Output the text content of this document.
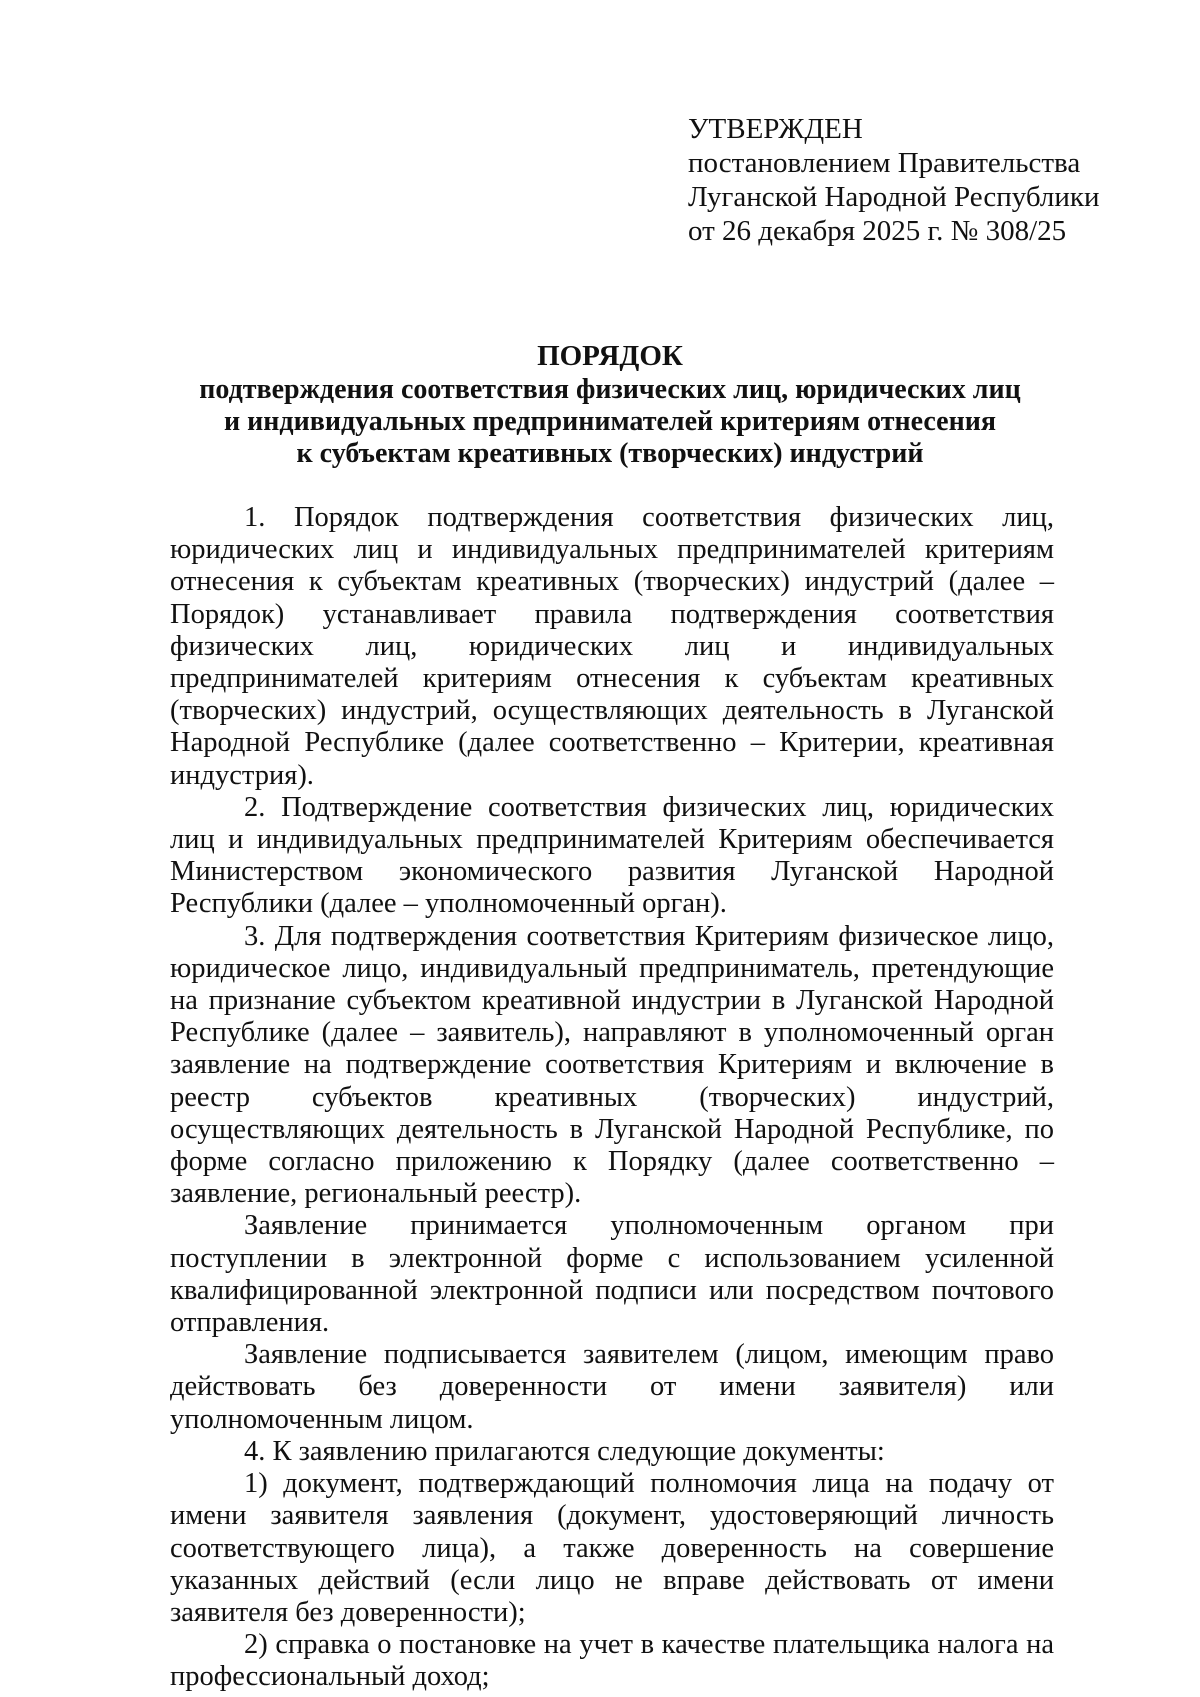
УТВЕРЖДЕН
постановлением Правительства
Луганской Народной Республики
от 26 декабря 2025 г. № 308/25
ПОРЯДОК
подтверждения соответствия физических лиц, юридических лиц
и индивидуальных предпринимателей критериям отнесения
к субъектам креативных (творческих) индустрий

1. Порядок подтверждения соответствия физических лиц, юридических лиц и индивидуальных предпринимателей критериям отнесения к субъектам креативных (творческих) индустрий (далее – Порядок) устанавливает правила подтверждения соответствия физических лиц, юридических лиц и индивидуальных предпринимателей критериям отнесения к субъектам креативных (творческих) индустрий, осуществляющих деятельность в Луганской Народной Республике (далее соответственно – Критерии, креативная индустрия).

2. Подтверждение соответствия физических лиц, юридических лиц и индивидуальных предпринимателей Критериям обеспечивается Министерством экономического развития Луганской Народной Республики (далее – уполномоченный орган).

3. Для подтверждения соответствия Критериям физическое лицо, юридическое лицо, индивидуальный предприниматель, претендующие на признание субъектом креативной индустрии в Луганской Народной Республике (далее – заявитель), направляют в уполномоченный орган заявление на подтверждение соответствия Критериям и включение в реестр субъектов креативных (творческих) индустрий, осуществляющих деятельность в Луганской Народной Республике, по форме согласно приложению к Порядку (далее соответственно – заявление, региональный реестр).

Заявление принимается уполномоченным органом при поступлении в электронной форме с использованием усиленной квалифицированной электронной подписи или посредством почтового отправления.

Заявление подписывается заявителем (лицом, имеющим право действовать без доверенности от имени заявителя) или уполномоченным лицом.

4. К заявлению прилагаются следующие документы:

1) документ, подтверждающий полномочия лица на подачу от имени заявителя заявления (документ, удостоверяющий личность соответствующего лица), а также доверенность на совершение указанных действий (если лицо не вправе действовать от имени заявителя без доверенности);

2) справка о постановке на учет в качестве плательщика налога на профессиональный доход;
